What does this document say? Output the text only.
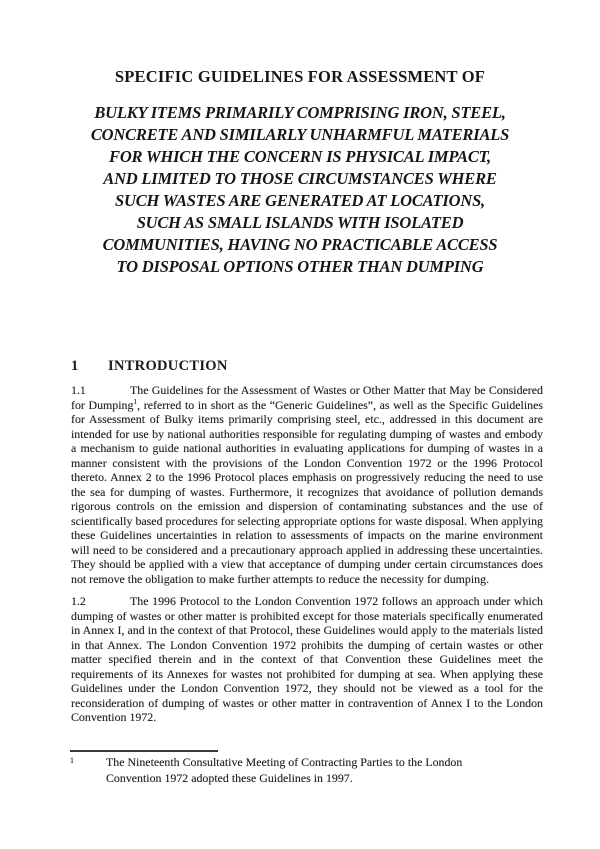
SPECIFIC GUIDELINES FOR ASSESSMENT OF
BULKY ITEMS PRIMARILY COMPRISING IRON, STEEL,
CONCRETE AND SIMILARLY UNHARMFUL MATERIALS
FOR WHICH THE CONCERN IS PHYSICAL IMPACT,
AND LIMITED TO THOSE CIRCUMSTANCES WHERE
SUCH WASTES ARE GENERATED AT LOCATIONS,
SUCH AS SMALL ISLANDS WITH ISOLATED
COMMUNITIES, HAVING NO PRACTICABLE ACCESS
TO DISPOSAL OPTIONS OTHER THAN DUMPING
1 INTRODUCTION

1.1	The Guidelines for the Assessment of Wastes or Other Matter that May be Considered for Dumping$^1$, referred to in short as the “Generic Guidelines”, as well as the Specific Guidelines for Assessment of Bulky items primarily comprising steel, etc., addressed in this document are intended for use by national authorities responsible for regulating dumping of wastes and embody a mechanism to guide national authorities in evaluating applications for dumping of wastes in a manner consistent with the provisions of the London Convention 1972 or the 1996 Protocol thereto. Annex 2 to the 1996 Protocol places emphasis on progressively reducing the need to use the sea for dumping of wastes. Furthermore, it recognizes that avoidance of pollution demands rigorous controls on the emission and dispersion of contaminating substances and the use of scientifically based procedures for selecting appropriate options for waste disposal. When applying these Guidelines uncertainties in relation to assessments of impacts on the marine environment will need to be considered and a precautionary approach applied in addressing these uncertainties. They should be applied with a view that acceptance of dumping under certain circumstances does not remove the obligation to make further attempts to reduce the necessity for dumping.

1.2	The 1996 Protocol to the London Convention 1972 follows an approach under which dumping of wastes or other matter is prohibited except for those materials specifically enumerated in Annex I, and in the context of that Protocol, these Guidelines would apply to the materials listed in that Annex. The London Convention 1972 prohibits the dumping of certain wastes or other matter specified therein and in the context of that Convention these Guidelines meet the requirements of its Annexes for wastes not prohibited for dumping at sea. When applying these Guidelines under the London Convention 1972, they should not be viewed as a tool for the reconsideration of dumping of wastes or other matter in contravention of Annex I to the London Convention 1972.

1	The Nineteenth Consultative Meeting of Contracting Parties to the London Convention 1972 adopted these Guidelines in 1997.
